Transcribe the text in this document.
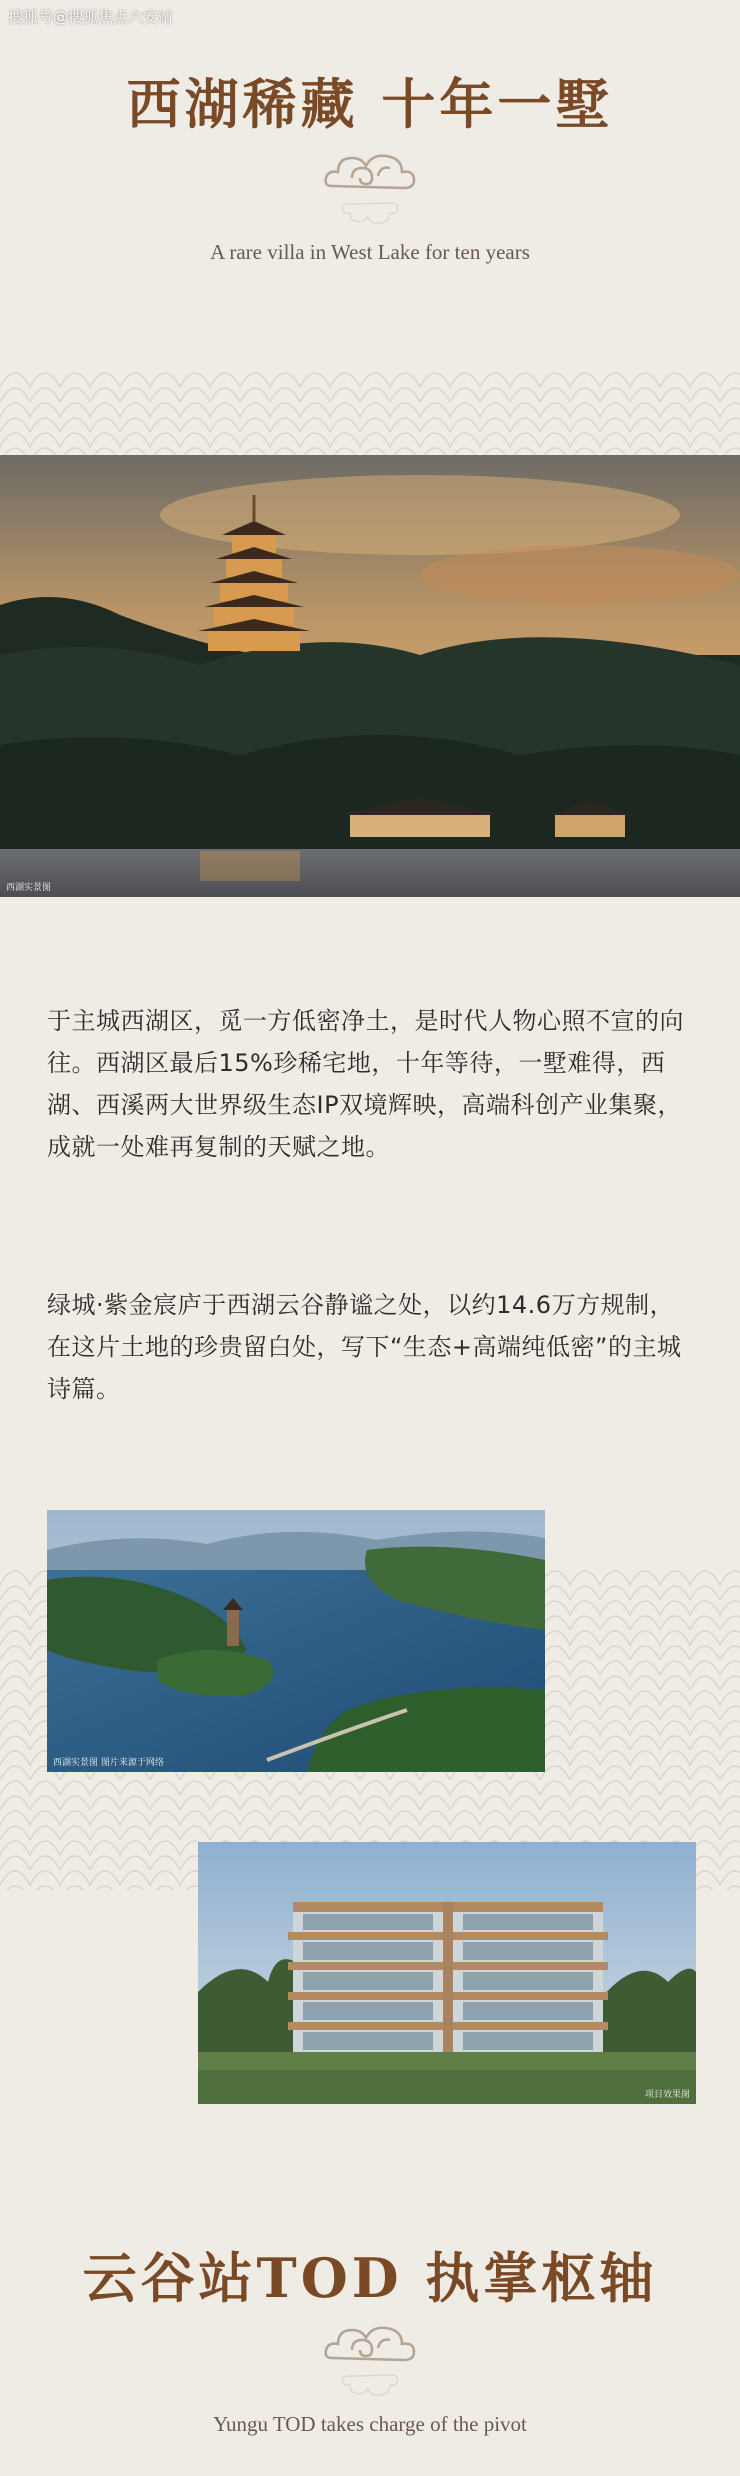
搜狐号@搜狐焦点六安站
西湖稀藏 十年一墅
A rare villa in West Lake for ten years
西湖实景图

于主城西湖区，觅一方低密净土，是时代人物心照不宣的向往。西湖区最后15%珍稀宅地，十年等待，一墅难得，西湖、西溪两大世界级生态IP双境辉映，高端科创产业集聚，成就一处难再复制的天赋之地。

绿城·紫金宸庐于西湖云谷静谧之处，以约14.6万方规制，在这片土地的珍贵留白处，写下“生态+高端纯低密”的主城诗篇。

西湖实景图 图片来源于网络
项目效果图
云谷站TOD 执掌枢轴
Yungu TOD takes charge of the pivot
